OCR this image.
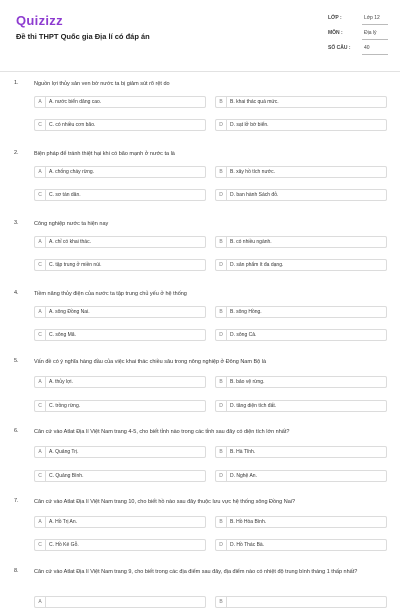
Quizizz
Đề thi THPT Quốc gia Địa lí có đáp án
LỚP :	Lớp 12
MÔN :	Địa lý
SỐ CÂU :	40
1.	Nguồn lợi thủy sản ven bờ nước ta bị giảm sút rõ rệt do
A	A. nước biển dâng cao.	B	B. khai thác quá mức.
C	C. có nhiều cơn bão.	D	D. sạt lở bờ biển.
2.	Biện pháp để tránh thiệt hại khi có bão mạnh ở nước ta là
A	A. chống cháy rừng.	B	B. xây hồ tích nước.
C	C. sơ tán dân.	D	D. ban hành Sách đỏ.
3.	Công nghiệp nước ta hiện nay
A	A. chỉ có khai thác.	B	B. có nhiều ngành.
C	C. tập trung ở miền núi.	D	D. sản phẩm ít đa dạng.
4.	Tiềm năng thủy điện của nước ta tập trung chủ yếu ở hệ thống
A	A. sông Đồng Nai.	B	B. sông Hồng.
C	C. sông Mã.	D	D. sông Cả.
5.	Vấn đề có ý nghĩa hàng đầu của việc khai thác chiều sâu trong nông nghiệp ở Đông Nam Bộ là
A	A. thủy lợi.	B	B. bảo vệ rừng.
C	C. trồng rừng.	D	D. tăng diện tích đất.
6.	Căn cứ vào Atlat Địa lí Việt Nam trang 4-5, cho biết tỉnh nào trong các tỉnh sau đây có diện tích lớn nhất?
A	A. Quảng Trị.	B	B. Hà Tĩnh.
C	C. Quảng Bình.	D	D. Nghệ An.
7.	Căn cứ vào Atlat Địa lí Việt Nam trang 10, cho biết hồ nào sau đây thuộc lưu vực hệ thống sông Đồng Nai?
A	A. Hồ Trị An.	B	B. Hồ Hòa Bình.
C	C. Hồ Kẻ Gỗ.	D	D. Hồ Thác Bà.
8.	Căn cứ vào Atlat Địa lí Việt Nam trang 9, cho biết trong các địa điểm sau đây, địa điểm nào có nhiệt độ trung bình tháng 1 thấp nhất?
A	B
